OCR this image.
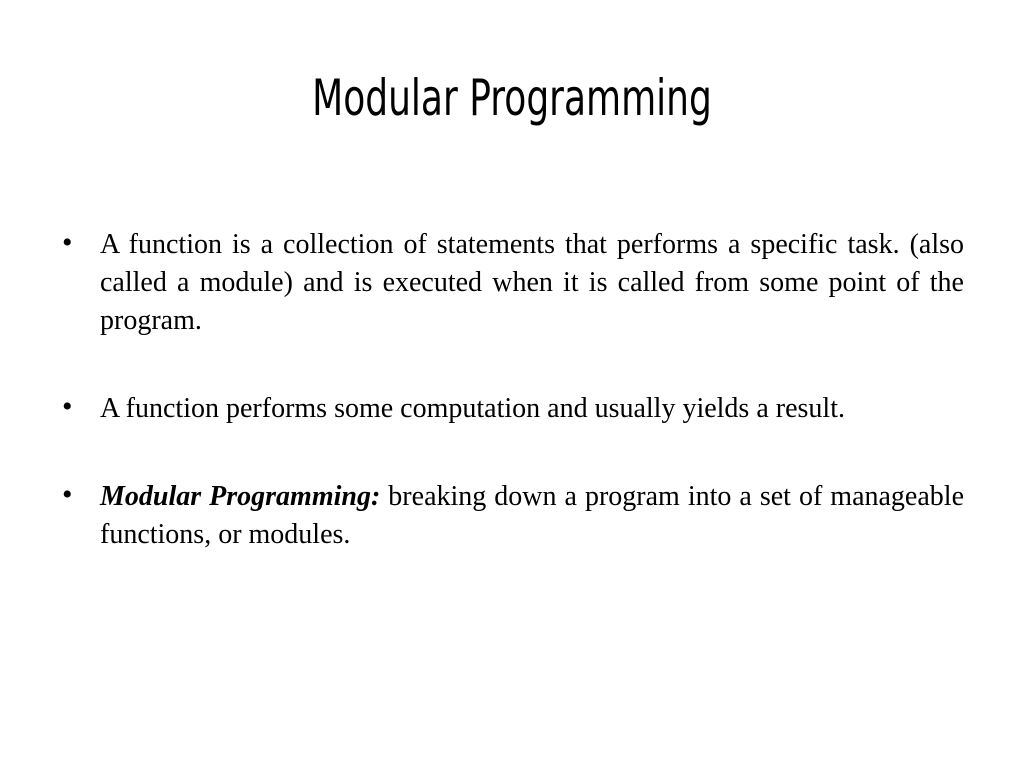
Modular Programming
• A function is a collection of statements that performs a specific task. (also called a module) and is executed when it is called from some point of the program.
• A function performs some computation and usually yields a result.
• Modular Programming: breaking down a program into a set of manageable functions, or modules.
